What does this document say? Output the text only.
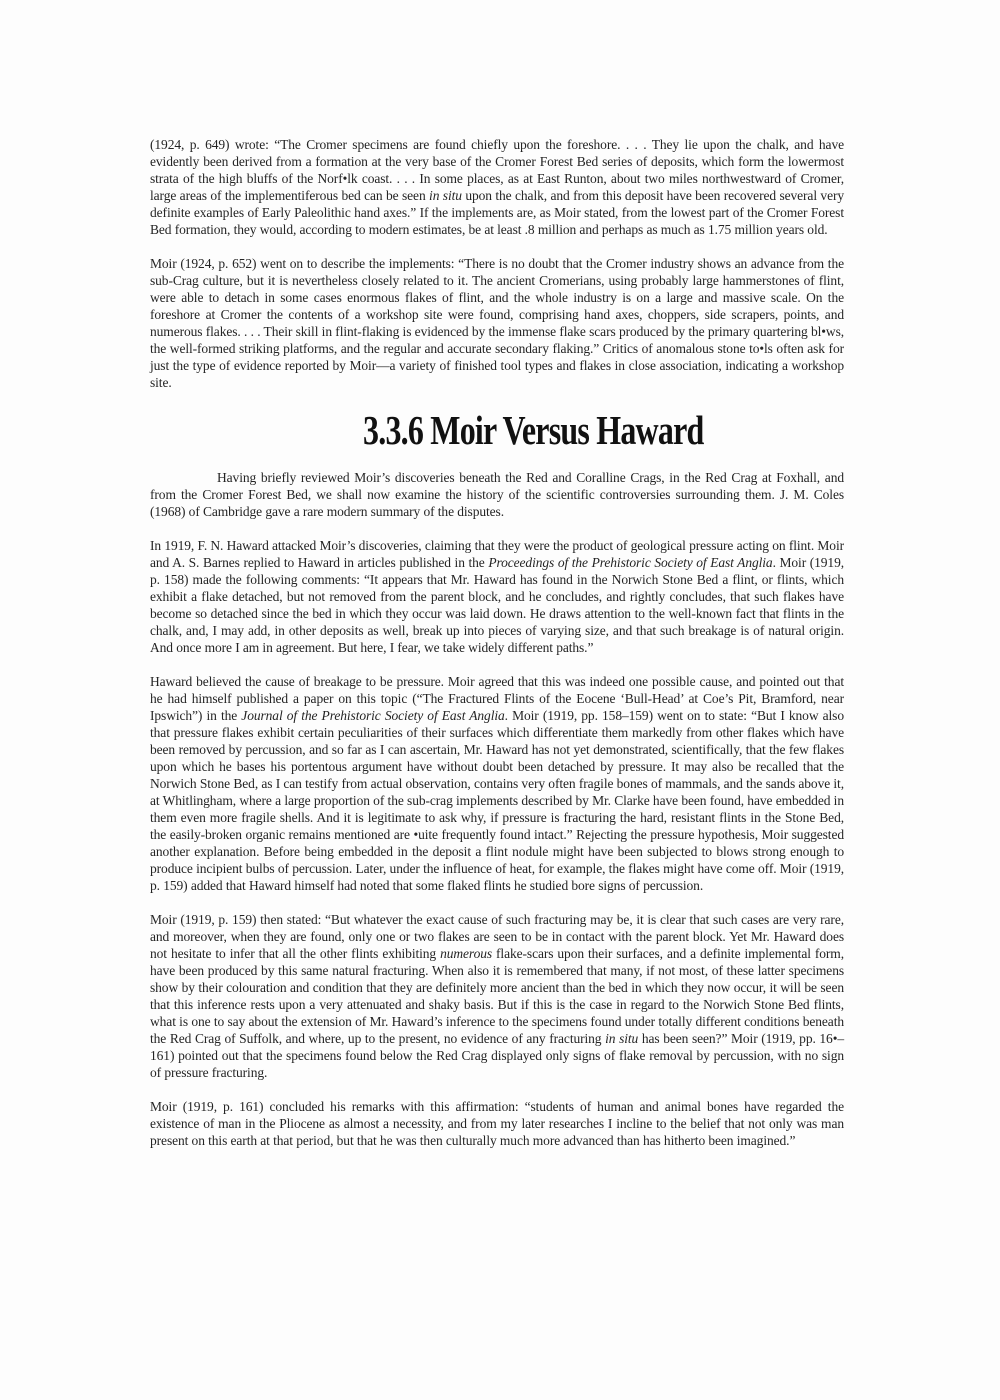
(1924, p. 649) wrote: “The Cromer specimens are found chiefly upon the foreshore. . . . They lie upon the chalk, and have evidently been derived from a formation at the very base of the Cromer Forest Bed series of deposits, which form the lowermost strata of the high bluffs of the Norf•lk coast. . . . In some places, as at East Runton, about two miles northwestward of Cromer, large areas of the implementiferous bed can be seen in situ upon the chalk, and from this deposit have been recovered several very definite examples of Early Paleolithic hand axes.” If the implements are, as Moir stated, from the lowest part of the Cromer Forest Bed formation, they would, according to modern estimates, be at least .8 million and perhaps as much as 1.75 million years old.

Moir (1924, p. 652) went on to describe the implements: “There is no doubt that the Cromer industry shows an advance from the sub-Crag culture, but it is nevertheless closely related to it. The ancient Cromerians, using probably large hammerstones of flint, were able to detach in some cases enormous flakes of flint, and the whole industry is on a large and massive scale. On the foreshore at Cromer the contents of a workshop site were found, comprising hand axes, choppers, side scrapers, points, and numerous flakes. . . . Their skill in flint-flaking is evidenced by the immense flake scars produced by the primary quartering bl•ws, the well-formed striking platforms, and the regular and accurate secondary flaking.” Critics of anomalous stone to•ls often ask for just the type of evidence reported by Moir—a variety of finished tool types and flakes in close association, indicating a workshop site.

3.3.6 Moir Versus Haward

Having briefly reviewed Moir’s discoveries beneath the Red and Coralline Crags, in the Red Crag at Foxhall, and from the Cromer Forest Bed, we shall now examine the history of the scientific controversies surrounding them. J. M. Coles (1968) of Cambridge gave a rare modern summary of the disputes.

In 1919, F. N. Haward attacked Moir’s discoveries, claiming that they were the product of geological pressure acting on flint. Moir and A. S. Barnes replied to Haward in articles published in the Proceedings of the Prehistoric Society of East Anglia. Moir (1919, p. 158) made the following comments: “It appears that Mr. Haward has found in the Norwich Stone Bed a flint, or flints, which exhibit a flake detached, but not removed from the parent block, and he concludes, and rightly concludes, that such flakes have become so detached since the bed in which they occur was laid down. He draws attention to the well-known fact that flints in the chalk, and, I may add, in other deposits as well, break up into pieces of varying size, and that such breakage is of natural origin. And once more I am in agreement. But here, I fear, we take widely different paths.”

Haward believed the cause of breakage to be pressure. Moir agreed that this was indeed one possible cause, and pointed out that he had himself published a paper on this topic (“The Fractured Flints of the Eocene ‘Bull-Head’ at Coe’s Pit, Bramford, near Ipswich”) in the Journal of the Prehistoric Society of East Anglia. Moir (1919, pp. 158–159) went on to state: “But I know also that pressure flakes exhibit certain peculiarities of their surfaces which differentiate them markedly from other flakes which have been removed by percussion, and so far as I can ascertain, Mr. Haward has not yet demonstrated, scientifically, that the few flakes upon which he bases his portentous argument have without doubt been detached by pressure. It may also be recalled that the Norwich Stone Bed, as I can testify from actual observation, contains very often fragile bones of mammals, and the sands above it, at Whitlingham, where a large proportion of the sub-crag implements described by Mr. Clarke have been found, have embedded in them even more fragile shells. And it is legitimate to ask why, if pressure is fracturing the hard, resistant flints in the Stone Bed, the easily-broken organic remains mentioned are •uite frequently found intact.” Rejecting the pressure hypothesis, Moir suggested another explanation. Before being embedded in the deposit a flint nodule might have been subjected to blows strong enough to produce incipient bulbs of percussion. Later, under the influence of heat, for example, the flakes might have come off. Moir (1919, p. 159) added that Haward himself had noted that some flaked flints he studied bore signs of percussion.

Moir (1919, p. 159) then stated: “But whatever the exact cause of such fracturing may be, it is clear that such cases are very rare, and moreover, when they are found, only one or two flakes are seen to be in contact with the parent block. Yet Mr. Haward does not hesitate to infer that all the other flints exhibiting numerous flake-scars upon their surfaces, and a definite implemental form, have been produced by this same natural fracturing. When also it is remembered that many, if not most, of these latter specimens show by their colouration and condition that they are definitely more ancient than the bed in which they now occur, it will be seen that this inference rests upon a very attenuated and shaky basis. But if this is the case in regard to the Norwich Stone Bed flints, what is one to say about the extension of Mr. Haward’s inference to the specimens found under totally different conditions beneath the Red Crag of Suffolk, and where, up to the present, no evidence of any fracturing in situ has been seen?” Moir (1919, pp. 16•–161) pointed out that the specimens found below the Red Crag displayed only signs of flake removal by percussion, with no sign of pressure fracturing.

Moir (1919, p. 161) concluded his remarks with this affirmation: “students of human and animal bones have regarded the existence of man in the Pliocene as almost a necessity, and from my later researches I incline to the belief that not only was man present on this earth at that period, but that he was then culturally much more advanced than has hitherto been imagined.”
